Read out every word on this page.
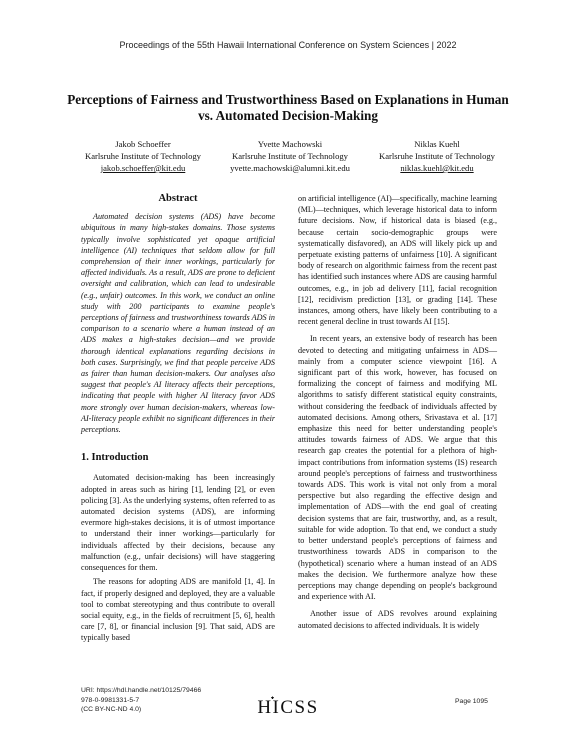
Proceedings of the 55th Hawaii International Conference on System Sciences | 2022
Perceptions of Fairness and Trustworthiness Based on Explanations in Human vs. Automated Decision-Making
Jakob Schoeffer
Karlsruhe Institute of Technology
jakob.schoeffer@kit.edu
Yvette Machowski
Karlsruhe Institute of Technology
yvette.machowski@alumni.kit.edu
Niklas Kuehl
Karlsruhe Institute of Technology
niklas.kuehl@kit.edu
Abstract

Automated decision systems (ADS) have become ubiquitous in many high-stakes domains. Those systems typically involve sophisticated yet opaque artificial intelligence (AI) techniques that seldom allow for full comprehension of their inner workings, particularly for affected individuals. As a result, ADS are prone to deficient oversight and calibration, which can lead to undesirable (e.g., unfair) outcomes. In this work, we conduct an online study with 200 participants to examine people's perceptions of fairness and trustworthiness towards ADS in comparison to a scenario where a human instead of an ADS makes a high-stakes decision—and we provide thorough identical explanations regarding decisions in both cases. Surprisingly, we find that people perceive ADS as fairer than human decision-makers. Our analyses also suggest that people's AI literacy affects their perceptions, indicating that people with higher AI literacy favor ADS more strongly over human decision-makers, whereas low-AI-literacy people exhibit no significant differences in their perceptions.

1. Introduction

Automated decision-making has been increasingly adopted in areas such as hiring [1], lending [2], or even policing [3]. As the underlying systems, often referred to as automated decision systems (ADS), are informing evermore high-stakes decisions, it is of utmost importance to understand their inner workings—particularly for individuals affected by their decisions, because any malfunction (e.g., unfair decisions) will have staggering consequences for them.

The reasons for adopting ADS are manifold [1, 4]. In fact, if properly designed and deployed, they are a valuable tool to combat stereotyping and thus contribute to overall social equity, e.g., in the fields of recruitment [5, 6], health care [7, 8], or financial inclusion [9]. That said, ADS are typically based

on artificial intelligence (AI)—specifically, machine learning (ML)—techniques, which leverage historical data to inform future decisions. Now, if historical data is biased (e.g., because certain socio-demographic groups were systematically disfavored), an ADS will likely pick up and perpetuate existing patterns of unfairness [10]. A significant body of research on algorithmic fairness from the recent past has identified such instances where ADS are causing harmful outcomes, e.g., in job ad delivery [11], facial recognition [12], recidivism prediction [13], or grading [14]. These instances, among others, have likely been contributing to a recent general decline in trust towards AI [15].

In recent years, an extensive body of research has been devoted to detecting and mitigating unfairness in ADS—mainly from a computer science viewpoint [16]. A significant part of this work, however, has focused on formalizing the concept of fairness and modifying ML algorithms to satisfy different statistical equity constraints, without considering the feedback of individuals affected by automated decisions. Among others, Srivastava et al. [17] emphasize this need for better understanding people's attitudes towards fairness of ADS. We argue that this research gap creates the potential for a plethora of high-impact contributions from information systems (IS) research around people's perceptions of fairness and trustworthiness towards ADS. This work is vital not only from a moral perspective but also regarding the effective design and implementation of ADS—with the end goal of creating decision systems that are fair, trustworthy, and, as a result, suitable for wide adoption. To that end, we conduct a study to better understand people's perceptions of fairness and trustworthiness towards ADS in comparison to the (hypothetical) scenario where a human instead of an ADS makes the decision. We furthermore analyze how these perceptions may change depending on people's background and experience with AI.

Another issue of ADS revolves around explaining automated decisions to affected individuals. It is widely

URI: https://hdl.handle.net/10125/79466
978-0-9981331-5-7
(CC BY-NC-ND 4.0)	HICSS	Page 1095
